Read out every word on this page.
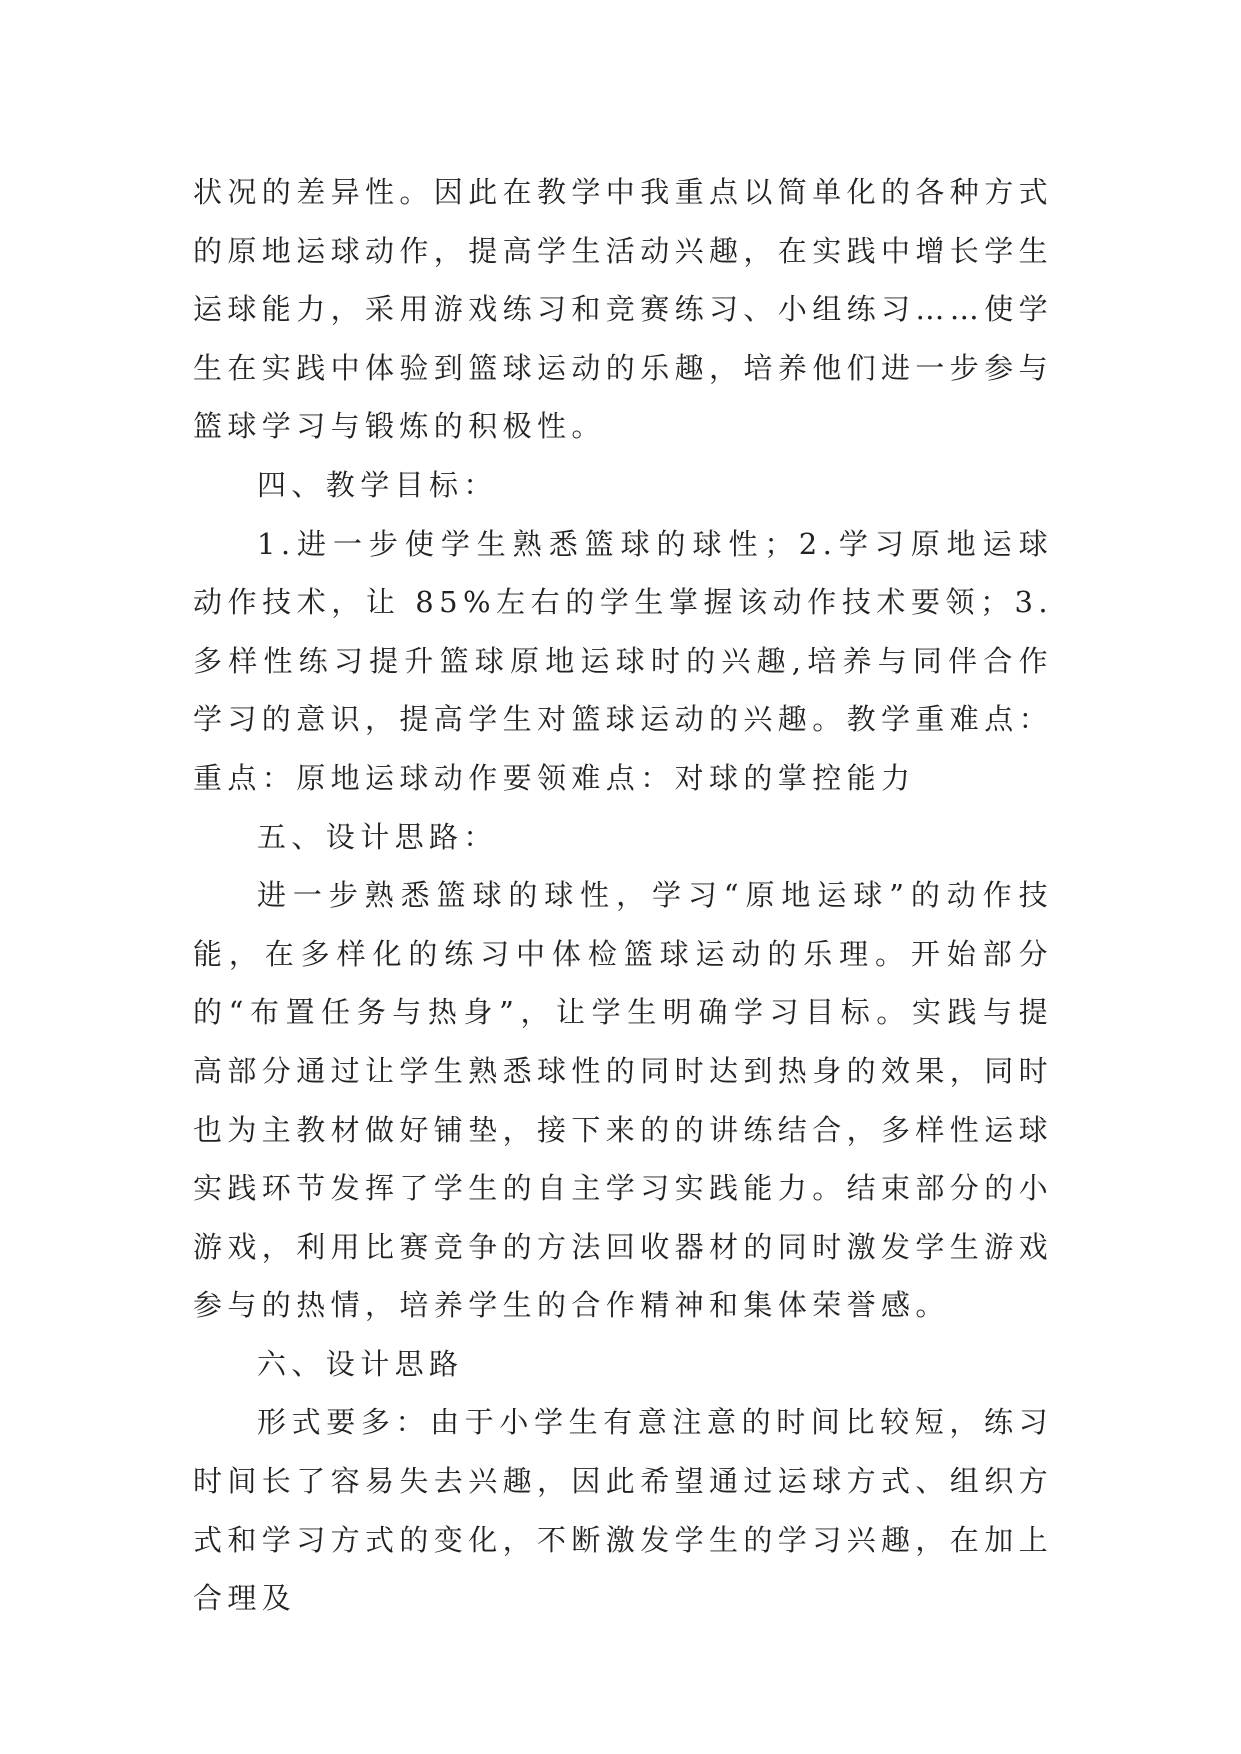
状况的差异性。因此在教学中我重点以简单化的各种方式的原地运球动作，提高学生活动兴趣，在实践中增长学生运球能力，采用游戏练习和竞赛练习、小组练习……使学生在实践中体验到篮球运动的乐趣，培养他们进一步参与篮球学习与锻炼的积极性。

四、教学目标：

1.进一步使学生熟悉篮球的球性；2.学习原地运球动作技术，让 85%左右的学生掌握该动作技术要领；3.多样性练习提升篮球原地运球时的兴趣,培养与同伴合作学习的意识，提高学生对篮球运动的兴趣。教学重难点：重点：原地运球动作要领难点：对球的掌控能力

五、设计思路：

进一步熟悉篮球的球性，学习“原地运球”的动作技能，在多样化的练习中体检篮球运动的乐理。开始部分的“布置任务与热身”，让学生明确学习目标。实践与提高部分通过让学生熟悉球性的同时达到热身的效果，同时也为主教材做好铺垫，接下来的的讲练结合，多样性运球实践环节发挥了学生的自主学习实践能力。结束部分的小游戏，利用比赛竞争的方法回收器材的同时激发学生游戏参与的热情，培养学生的合作精神和集体荣誉感。

六、设计思路

形式要多：由于小学生有意注意的时间比较短，练习时间长了容易失去兴趣，因此希望通过运球方式、组织方式和学习方式的变化，不断激发学生的学习兴趣，在加上合理及
